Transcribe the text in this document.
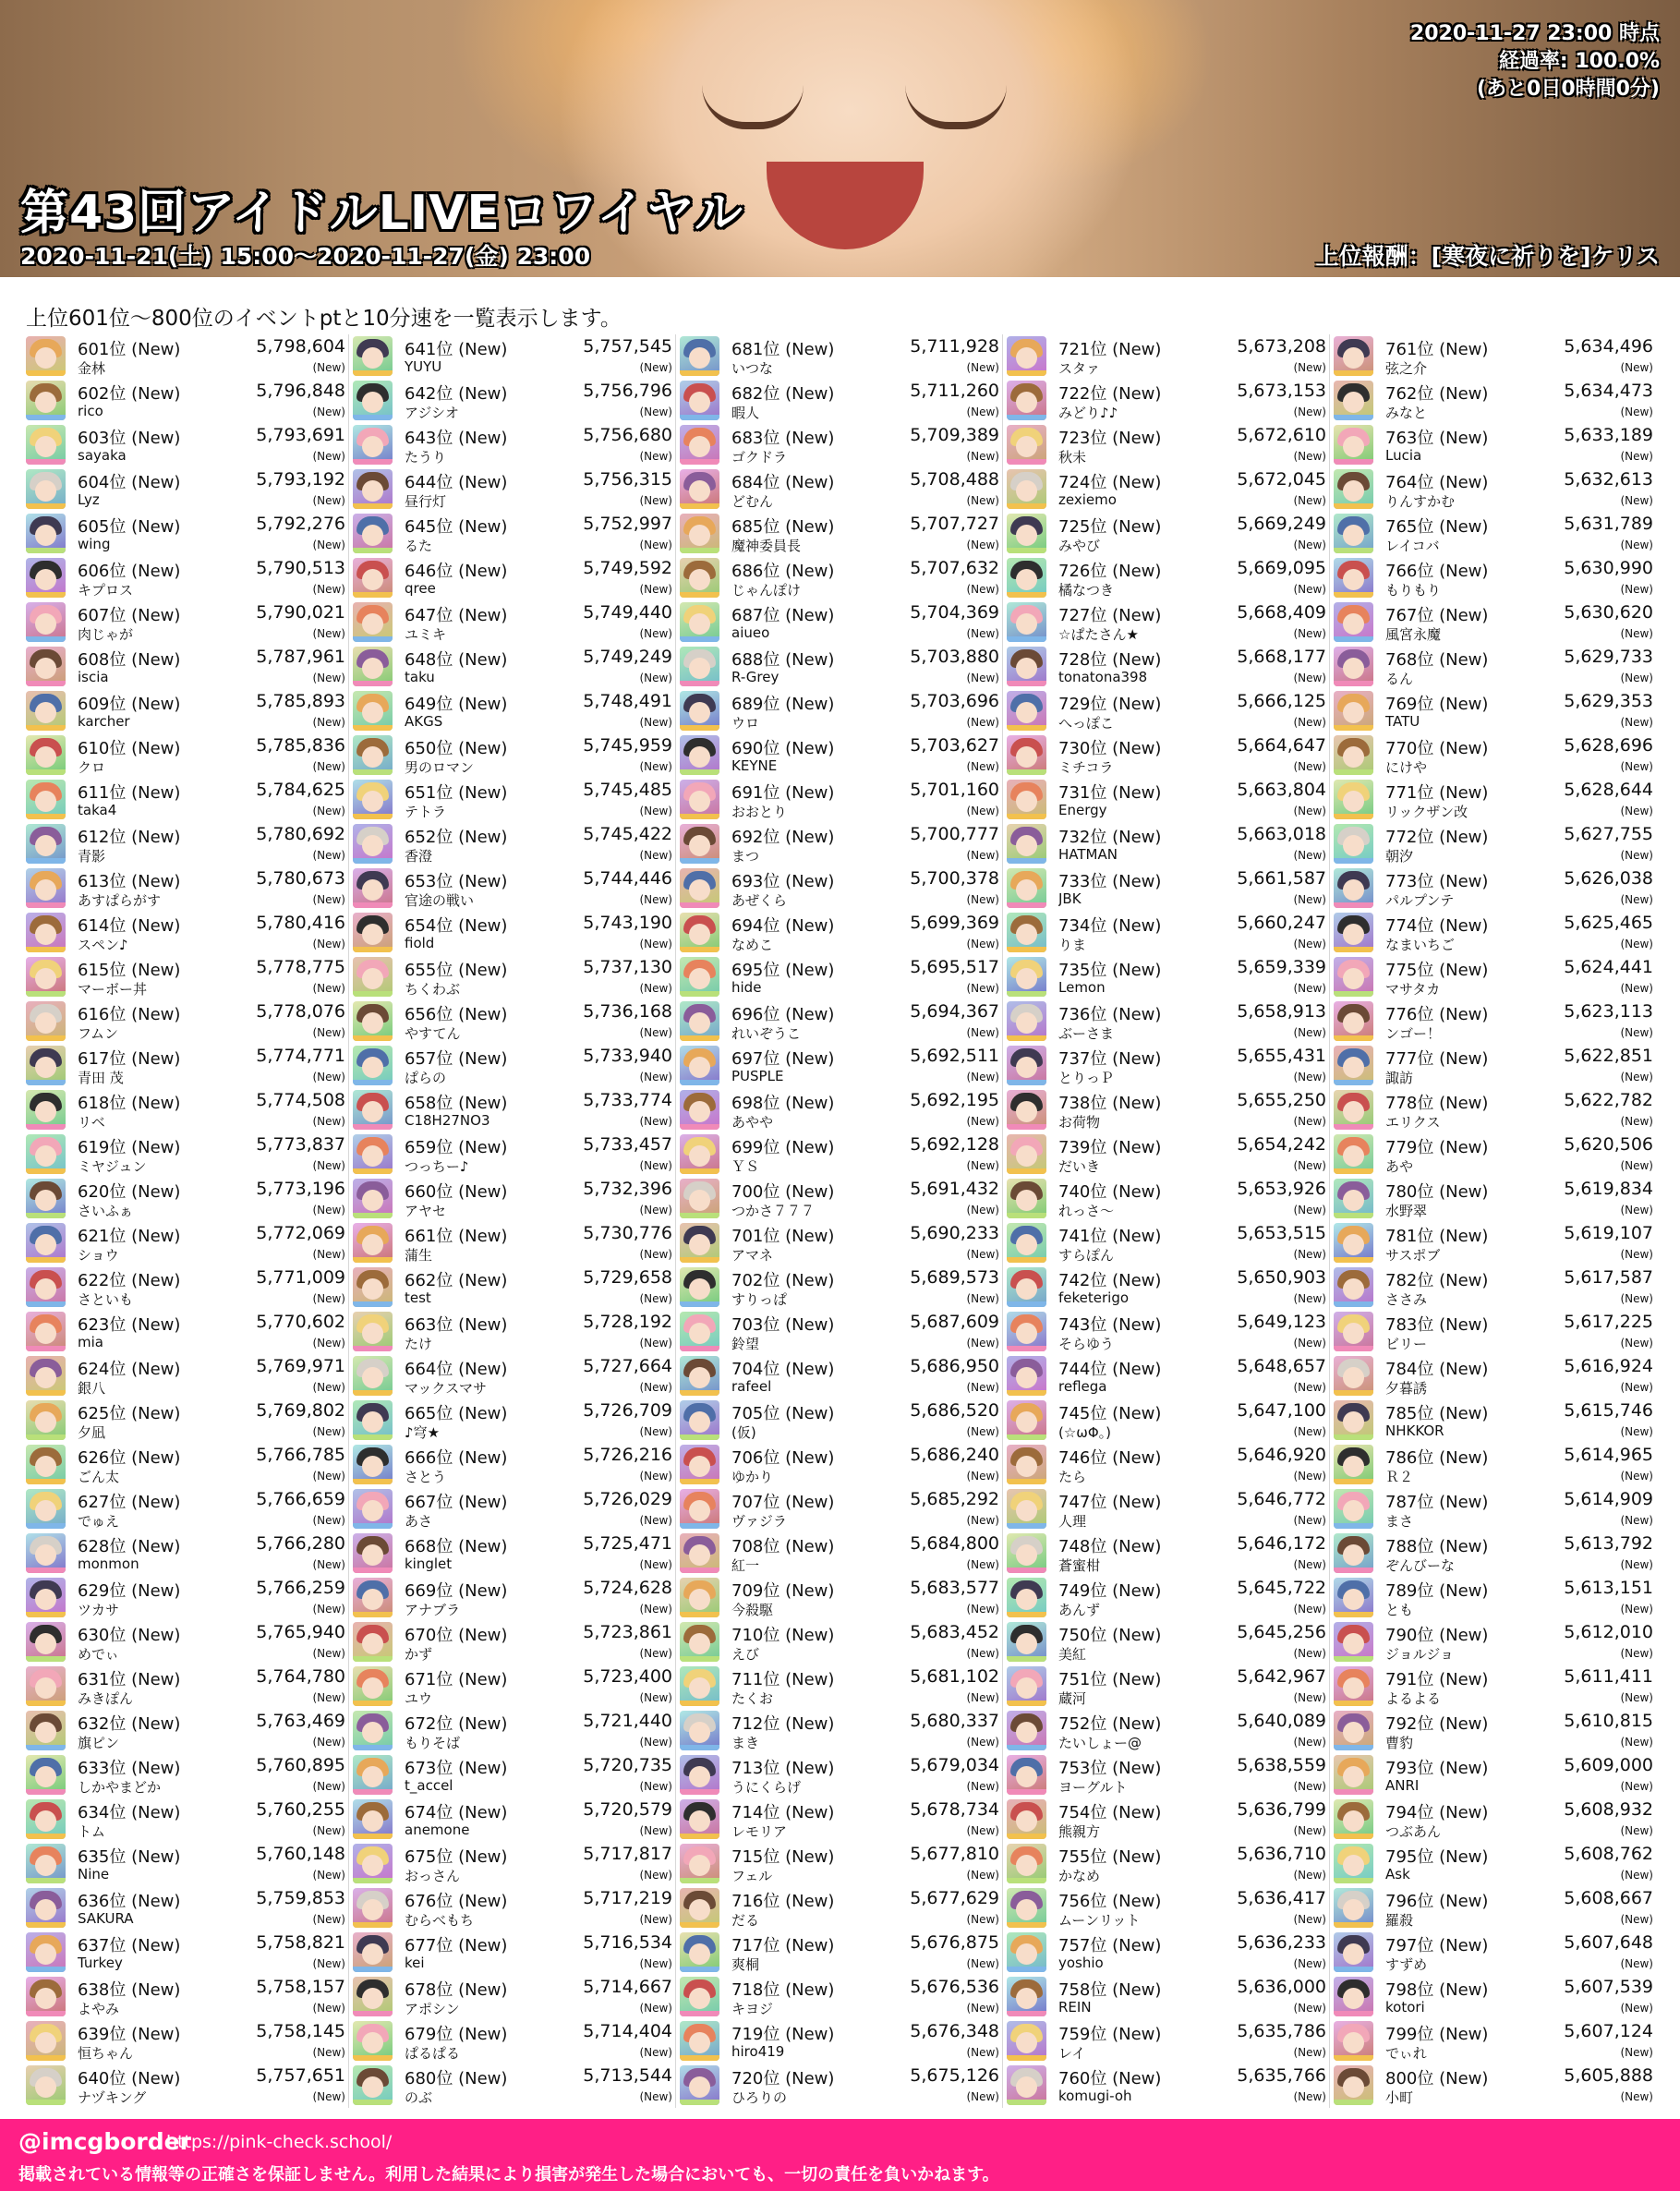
2020-11-27 23:00 時点
経過率: 100.0%
(あと0日0時間0分)
第43回アイドルLIVEロワイヤル
2020-11-21(土) 15:00～2020-11-27(金) 23:00	上位報酬：[寒夜に祈りを]ケリス
上位601位～800位のイベントptと10分速を一覧表示します。
601位 (New)	5,798,604
金林	(New)
602位 (New)	5,796,848
rico	(New)
603位 (New)	5,793,691
sayaka	(New)
604位 (New)	5,793,192
Lyz	(New)
605位 (New)	5,792,276
wing	(New)
606位 (New)	5,790,513
キプロス	(New)
607位 (New)	5,790,021
肉じゃが	(New)
608位 (New)	5,787,961
iscia	(New)
609位 (New)	5,785,893
karcher	(New)
610位 (New)	5,785,836
クロ	(New)
611位 (New)	5,784,625
taka4	(New)
612位 (New)	5,780,692
青影	(New)
613位 (New)	5,780,673
あすぱらがす	(New)
614位 (New)	5,780,416
スペン♪	(New)
615位 (New)	5,778,775
マーボー丼	(New)
616位 (New)	5,778,076
フムン	(New)
617位 (New)	5,774,771
青田 茂	(New)
618位 (New)	5,774,508
リベ	(New)
619位 (New)	5,773,837
ミヤジュン	(New)
620位 (New)	5,773,196
さいふぁ	(New)
621位 (New)	5,772,069
ショウ	(New)
622位 (New)	5,771,009
さといも	(New)
623位 (New)	5,770,602
mia	(New)
624位 (New)	5,769,971
銀八	(New)
625位 (New)	5,769,802
夕凪	(New)
626位 (New)	5,766,785
ごん太	(New)
627位 (New)	5,766,659
でゅえ	(New)
628位 (New)	5,766,280
monmon	(New)
629位 (New)	5,766,259
ツカサ	(New)
630位 (New)	5,765,940
めでぃ	(New)
631位 (New)	5,764,780
みきぽん	(New)
632位 (New)	5,763,469
旗ピン	(New)
633位 (New)	5,760,895
しかやまどか	(New)
634位 (New)	5,760,255
トム	(New)
635位 (New)	5,760,148
Nine	(New)
636位 (New)	5,759,853
SAKURA	(New)
637位 (New)	5,758,821
Turkey	(New)
638位 (New)	5,758,157
よやみ	(New)
639位 (New)	5,758,145
恒ちゃん	(New)
640位 (New)	5,757,651
ナヅキング	(New)
641位 (New)	5,757,545
YUYU	(New)
642位 (New)	5,756,796
アジシオ	(New)
643位 (New)	5,756,680
たうり	(New)
644位 (New)	5,756,315
昼行灯	(New)
645位 (New)	5,752,997
るた	(New)
646位 (New)	5,749,592
qree	(New)
647位 (New)	5,749,440
ユミキ	(New)
648位 (New)	5,749,249
taku	(New)
649位 (New)	5,748,491
AKGS	(New)
650位 (New)	5,745,959
男のロマン	(New)
651位 (New)	5,745,485
テトラ	(New)
652位 (New)	5,745,422
香澄	(New)
653位 (New)	5,744,446
官途の戦い	(New)
654位 (New)	5,743,190
fiold	(New)
655位 (New)	5,737,130
ちくわぶ	(New)
656位 (New)	5,736,168
やすてん	(New)
657位 (New)	5,733,940
ぱらの	(New)
658位 (New)	5,733,774
C18H27NO3	(New)
659位 (New)	5,733,457
つっちー♪	(New)
660位 (New)	5,732,396
アヤセ	(New)
661位 (New)	5,730,776
蒲生	(New)
662位 (New)	5,729,658
test	(New)
663位 (New)	5,728,192
たけ	(New)
664位 (New)	5,727,664
マックスマサ	(New)
665位 (New)	5,726,709
♪穹★	(New)
666位 (New)	5,726,216
さとう	(New)
667位 (New)	5,726,029
あさ	(New)
668位 (New)	5,725,471
kinglet	(New)
669位 (New)	5,724,628
アナブラ	(New)
670位 (New)	5,723,861
かず	(New)
671位 (New)	5,723,400
ユウ	(New)
672位 (New)	5,721,440
もりそば	(New)
673位 (New)	5,720,735
t_accel	(New)
674位 (New)	5,720,579
anemone	(New)
675位 (New)	5,717,817
おっさん	(New)
676位 (New)	5,717,219
むらべもち	(New)
677位 (New)	5,716,534
kei	(New)
678位 (New)	5,714,667
アポシン	(New)
679位 (New)	5,714,404
ぱるぱる	(New)
680位 (New)	5,713,544
のぶ	(New)
681位 (New)	5,711,928
いつな	(New)
682位 (New)	5,711,260
暇人	(New)
683位 (New)	5,709,389
ゴクドラ	(New)
684位 (New)	5,708,488
どむん	(New)
685位 (New)	5,707,727
魔神委員長	(New)
686位 (New)	5,707,632
じゃんぽけ	(New)
687位 (New)	5,704,369
aiueo	(New)
688位 (New)	5,703,880
R-Grey	(New)
689位 (New)	5,703,696
ウロ	(New)
690位 (New)	5,703,627
KEYNE	(New)
691位 (New)	5,701,160
おおとり	(New)
692位 (New)	5,700,777
まつ	(New)
693位 (New)	5,700,378
あぜくら	(New)
694位 (New)	5,699,369
なめこ	(New)
695位 (New)	5,695,517
hide	(New)
696位 (New)	5,694,367
れいぞうこ	(New)
697位 (New)	5,692,511
PUSPLE	(New)
698位 (New)	5,692,195
あやや	(New)
699位 (New)	5,692,128
ＹＳ	(New)
700位 (New)	5,691,432
つかさ７７７	(New)
701位 (New)	5,690,233
アマネ	(New)
702位 (New)	5,689,573
すりっぱ	(New)
703位 (New)	5,687,609
鈴望	(New)
704位 (New)	5,686,950
rafeel	(New)
705位 (New)	5,686,520
(仮)	(New)
706位 (New)	5,686,240
ゆかり	(New)
707位 (New)	5,685,292
ヴァジラ	(New)
708位 (New)	5,684,800
紅一	(New)
709位 (New)	5,683,577
今殺駆	(New)
710位 (New)	5,683,452
えび	(New)
711位 (New)	5,681,102
たくお	(New)
712位 (New)	5,680,337
まき	(New)
713位 (New)	5,679,034
うにくらげ	(New)
714位 (New)	5,678,734
レモリア	(New)
715位 (New)	5,677,810
フェル	(New)
716位 (New)	5,677,629
だる	(New)
717位 (New)	5,676,875
爽桐	(New)
718位 (New)	5,676,536
キヨジ	(New)
719位 (New)	5,676,348
hiro419	(New)
720位 (New)	5,675,126
ひろりの	(New)
721位 (New)	5,673,208
スタァ	(New)
722位 (New)	5,673,153
みどり♪♪	(New)
723位 (New)	5,672,610
秋未	(New)
724位 (New)	5,672,045
zexiemo	(New)
725位 (New)	5,669,249
みやび	(New)
726位 (New)	5,669,095
橘なつき	(New)
727位 (New)	5,668,409
☆ぱたさん★	(New)
728位 (New)	5,668,177
tonatona398	(New)
729位 (New)	5,666,125
へっぽこ	(New)
730位 (New)	5,664,647
ミチコラ	(New)
731位 (New)	5,663,804
Energy	(New)
732位 (New)	5,663,018
HATMAN	(New)
733位 (New)	5,661,587
JBK	(New)
734位 (New)	5,660,247
りま	(New)
735位 (New)	5,659,339
Lemon	(New)
736位 (New)	5,658,913
ぶーさま	(New)
737位 (New)	5,655,431
とりっＰ	(New)
738位 (New)	5,655,250
お荷物	(New)
739位 (New)	5,654,242
だいき	(New)
740位 (New)	5,653,926
れっさ～	(New)
741位 (New)	5,653,515
すらぽん	(New)
742位 (New)	5,650,903
feketerigo	(New)
743位 (New)	5,649,123
そらゆう	(New)
744位 (New)	5,648,657
reflega	(New)
745位 (New)	5,647,100
(☆ωΦ。)	(New)
746位 (New)	5,646,920
たら	(New)
747位 (New)	5,646,772
人理	(New)
748位 (New)	5,646,172
蒼蜜柑	(New)
749位 (New)	5,645,722
あんず	(New)
750位 (New)	5,645,256
美紅	(New)
751位 (New)	5,642,967
蔵河	(New)
752位 (New)	5,640,089
たいしょー@	(New)
753位 (New)	5,638,559
ヨーグルト	(New)
754位 (New)	5,636,799
熊親方	(New)
755位 (New)	5,636,710
かなめ	(New)
756位 (New)	5,636,417
ムーンリット	(New)
757位 (New)	5,636,233
yoshio	(New)
758位 (New)	5,636,000
REIN	(New)
759位 (New)	5,635,786
レイ	(New)
760位 (New)	5,635,766
komugi-oh	(New)
761位 (New)	5,634,496
弦之介	(New)
762位 (New)	5,634,473
みなと	(New)
763位 (New)	5,633,189
Lucia	(New)
764位 (New)	5,632,613
りんすかむ	(New)
765位 (New)	5,631,789
レイコバ	(New)
766位 (New)	5,630,990
もりもり	(New)
767位 (New)	5,630,620
風宮永魔	(New)
768位 (New)	5,629,733
るん	(New)
769位 (New)	5,629,353
TATU	(New)
770位 (New)	5,628,696
にけや	(New)
771位 (New)	5,628,644
リックザン改	(New)
772位 (New)	5,627,755
朝汐	(New)
773位 (New)	5,626,038
パルプンテ	(New)
774位 (New)	5,625,465
なまいちご	(New)
775位 (New)	5,624,441
マサタカ	(New)
776位 (New)	5,623,113
ンゴー！	(New)
777位 (New)	5,622,851
諏訪	(New)
778位 (New)	5,622,782
エリクス	(New)
779位 (New)	5,620,506
あや	(New)
780位 (New)	5,619,834
水野翠	(New)
781位 (New)	5,619,107
サスポブ	(New)
782位 (New)	5,617,587
ささみ	(New)
783位 (New)	5,617,225
ビリー	(New)
784位 (New)	5,616,924
夕暮誘	(New)
785位 (New)	5,615,746
NHKKOR	(New)
786位 (New)	5,614,965
Ｒ２	(New)
787位 (New)	5,614,909
まさ	(New)
788位 (New)	5,613,792
ぞんびーな	(New)
789位 (New)	5,613,151
とも	(New)
790位 (New)	5,612,010
ジョルジョ	(New)
791位 (New)	5,611,411
よるよる	(New)
792位 (New)	5,610,815
曹豹	(New)
793位 (New)	5,609,000
ANRI	(New)
794位 (New)	5,608,932
つぶあん	(New)
795位 (New)	5,608,762
Ask	(New)
796位 (New)	5,608,667
羅殺	(New)
797位 (New)	5,607,648
すずめ	(New)
798位 (New)	5,607,539
kotori	(New)
799位 (New)	5,607,124
でぃれ	(New)
800位 (New)	5,605,888
小町	(New)
@imcgborder
https://pink-check.school/
掲載されている情報等の正確さを保証しません。利用した結果により損害が発生した場合においても、一切の責任を負いかねます。
